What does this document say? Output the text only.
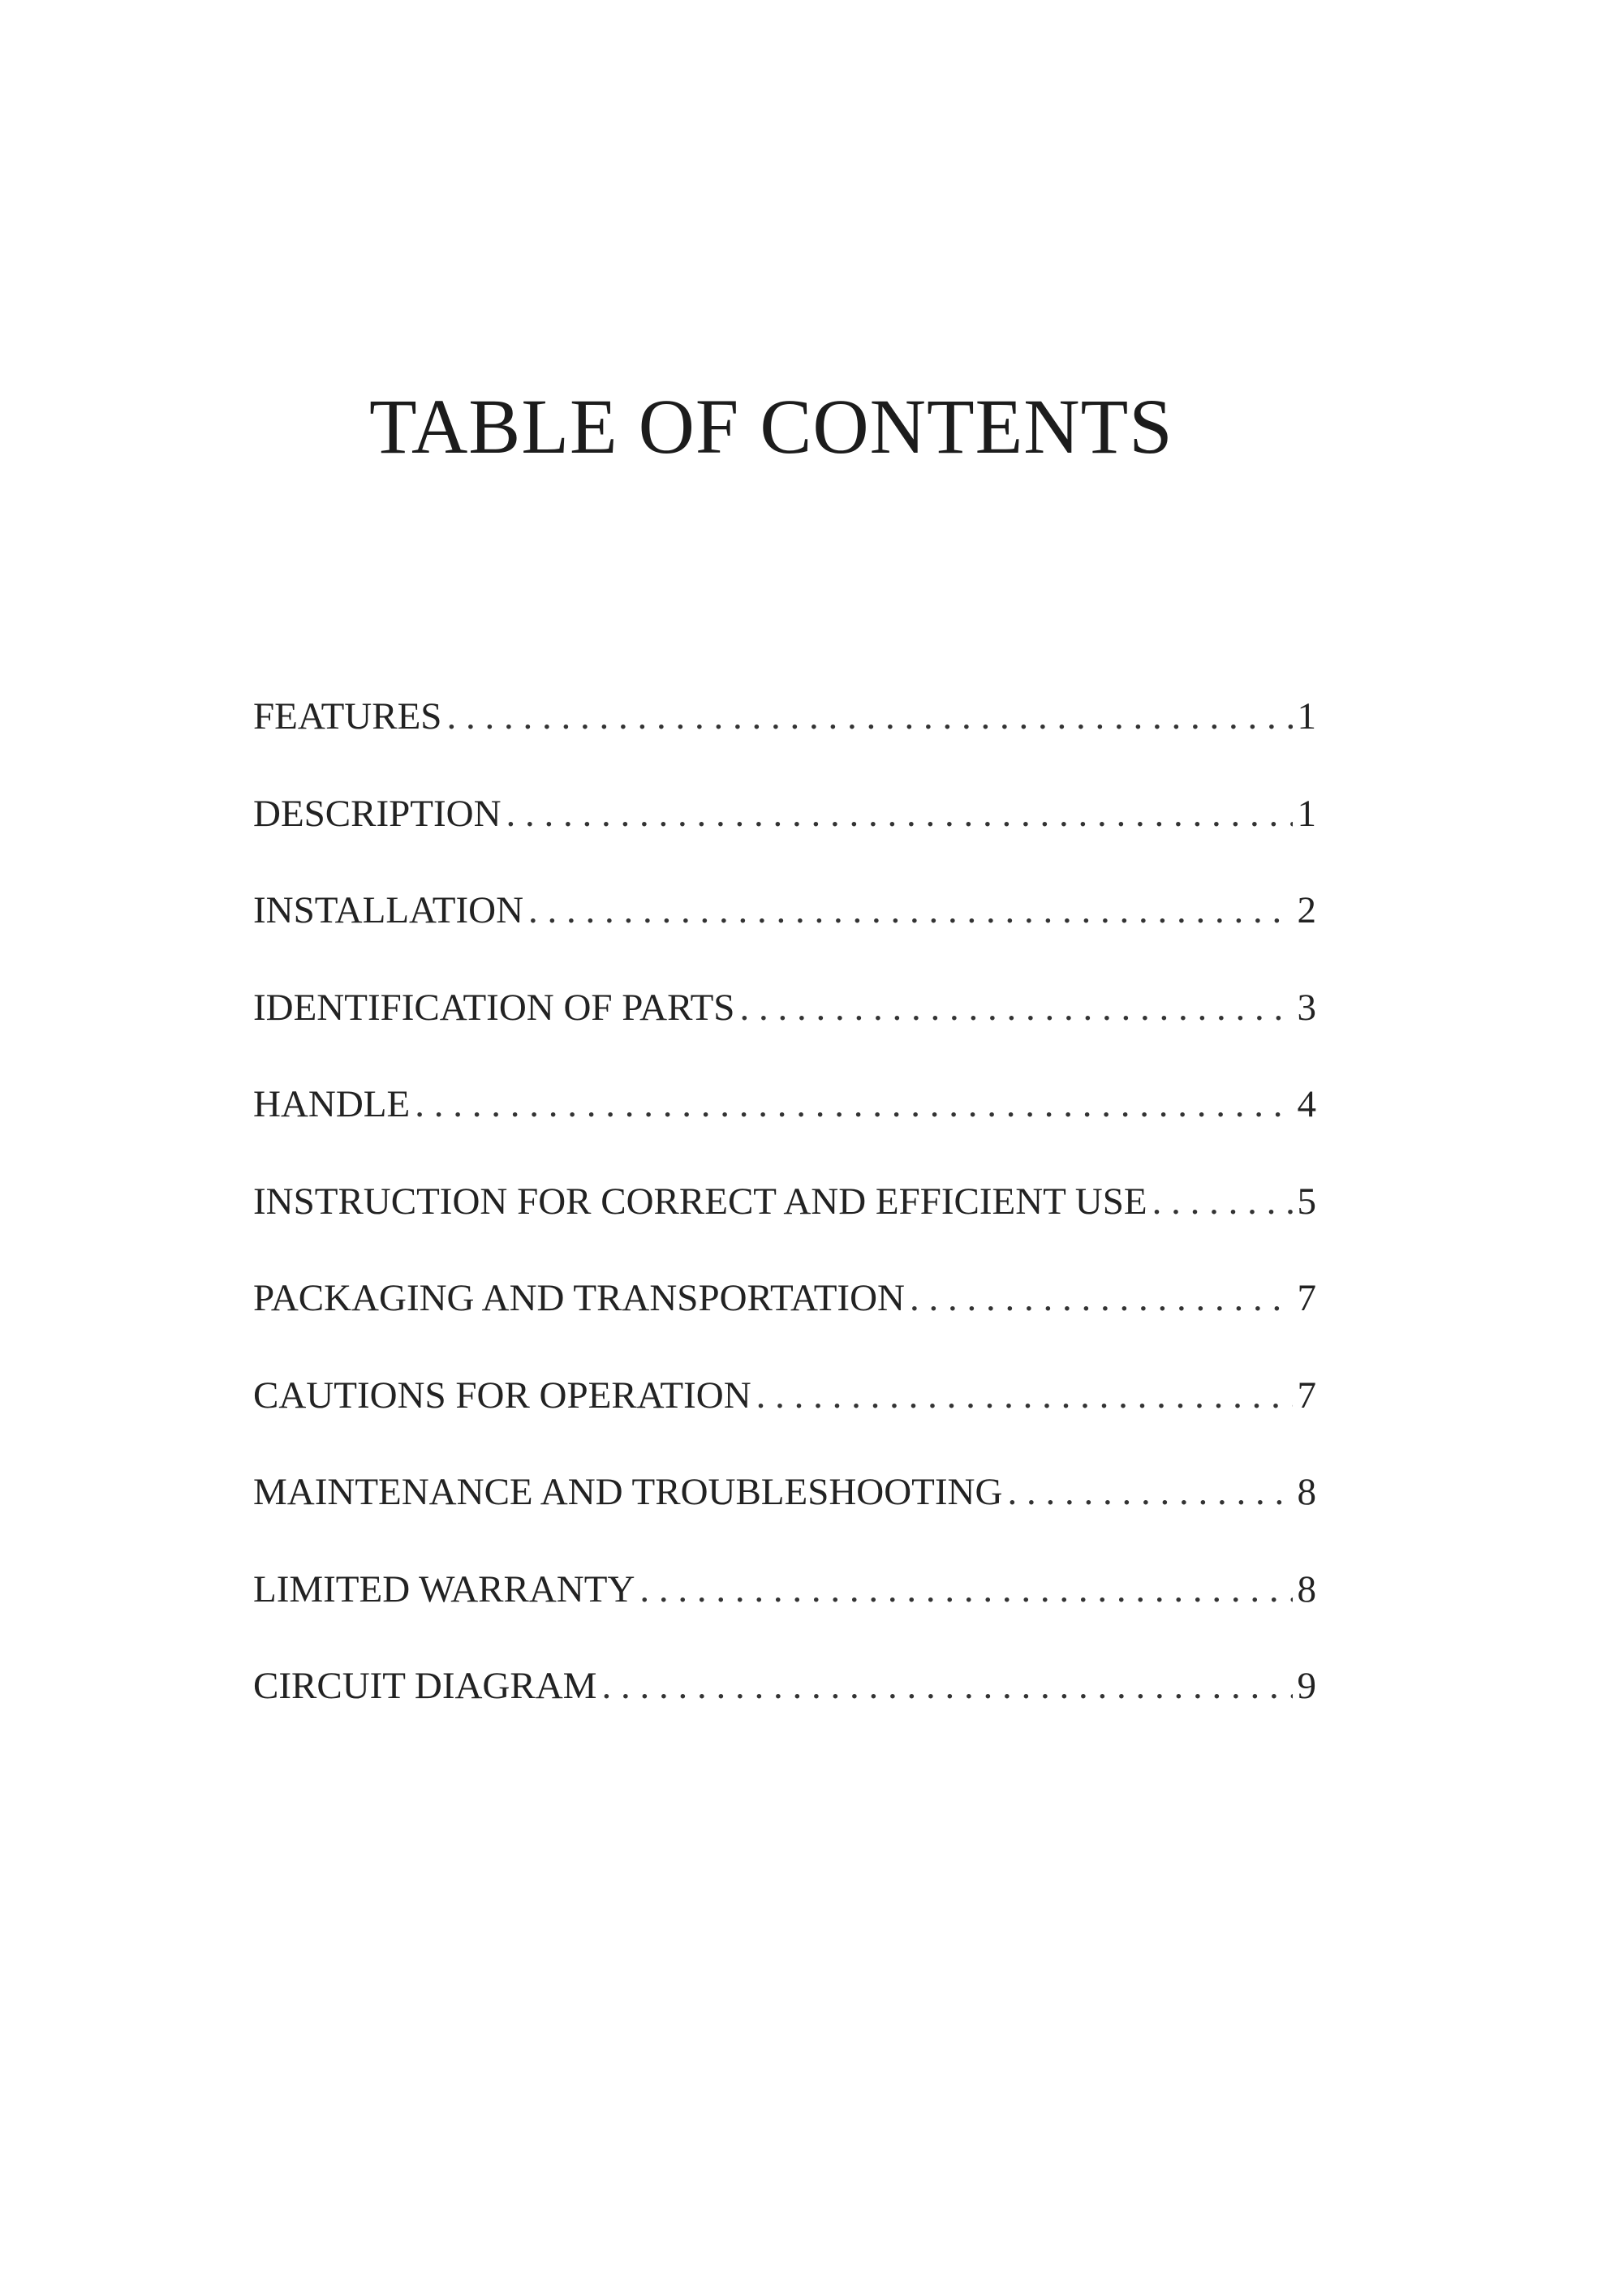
TABLE OF CONTENTS
FEATURES . . .	1
DESCRIPTION . . .	1
INSTALLATION . . .	2
IDENTIFICATION OF PARTS . . .	3
HANDLE . . .	4
INSTRUCTION FOR CORRECT AND EFFICIENT USE . . .	5
PACKAGING AND TRANSPORTATION . . .	7
CAUTIONS FOR OPERATION . . .	7
MAINTENANCE AND TROUBLESHOOTING . . .	8
LIMITED WARRANTY . . .	8
CIRCUIT DIAGRAM . . .	9
